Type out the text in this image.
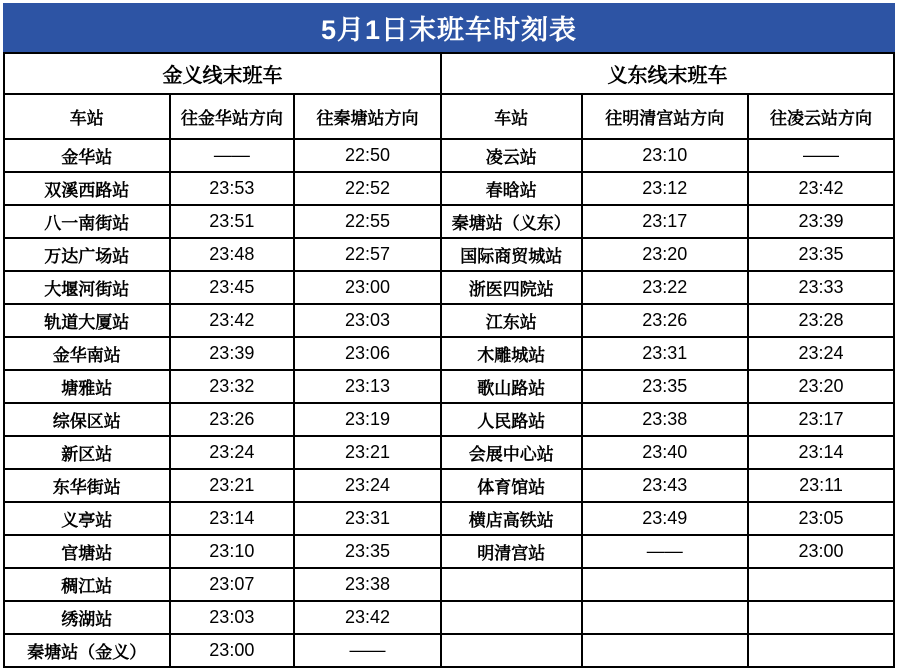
5月1日末班车时刻表
金义线末班车			义东线末班车		
车站	往金华站方向	往秦塘站方向	车站	往明清宫站方向	往凌云站方向
金华站	——	22:50	凌云站	23:10	——
双溪西路站	23:53	22:52	春晗站	23:12	23:42
八一南街站	23:51	22:55	秦塘站（义东）	23:17	23:39
万达广场站	23:48	22:57	国际商贸城站	23:20	23:35
大堰河街站	23:45	23:00	浙医四院站	23:22	23:33
轨道大厦站	23:42	23:03	江东站	23:26	23:28
金华南站	23:39	23:06	木雕城站	23:31	23:24
塘雅站	23:32	23:13	歌山路站	23:35	23:20
综保区站	23:26	23:19	人民路站	23:38	23:17
新区站	23:24	23:21	会展中心站	23:40	23:14
东华街站	23:21	23:24	体育馆站	23:43	23:11
义亭站	23:14	23:31	横店高铁站	23:49	23:05
官塘站	23:10	23:35	明清宫站	——	23:00
稠江站	23:07	23:38			
绣湖站	23:03	23:42			
秦塘站（金义）	23:00	——			
